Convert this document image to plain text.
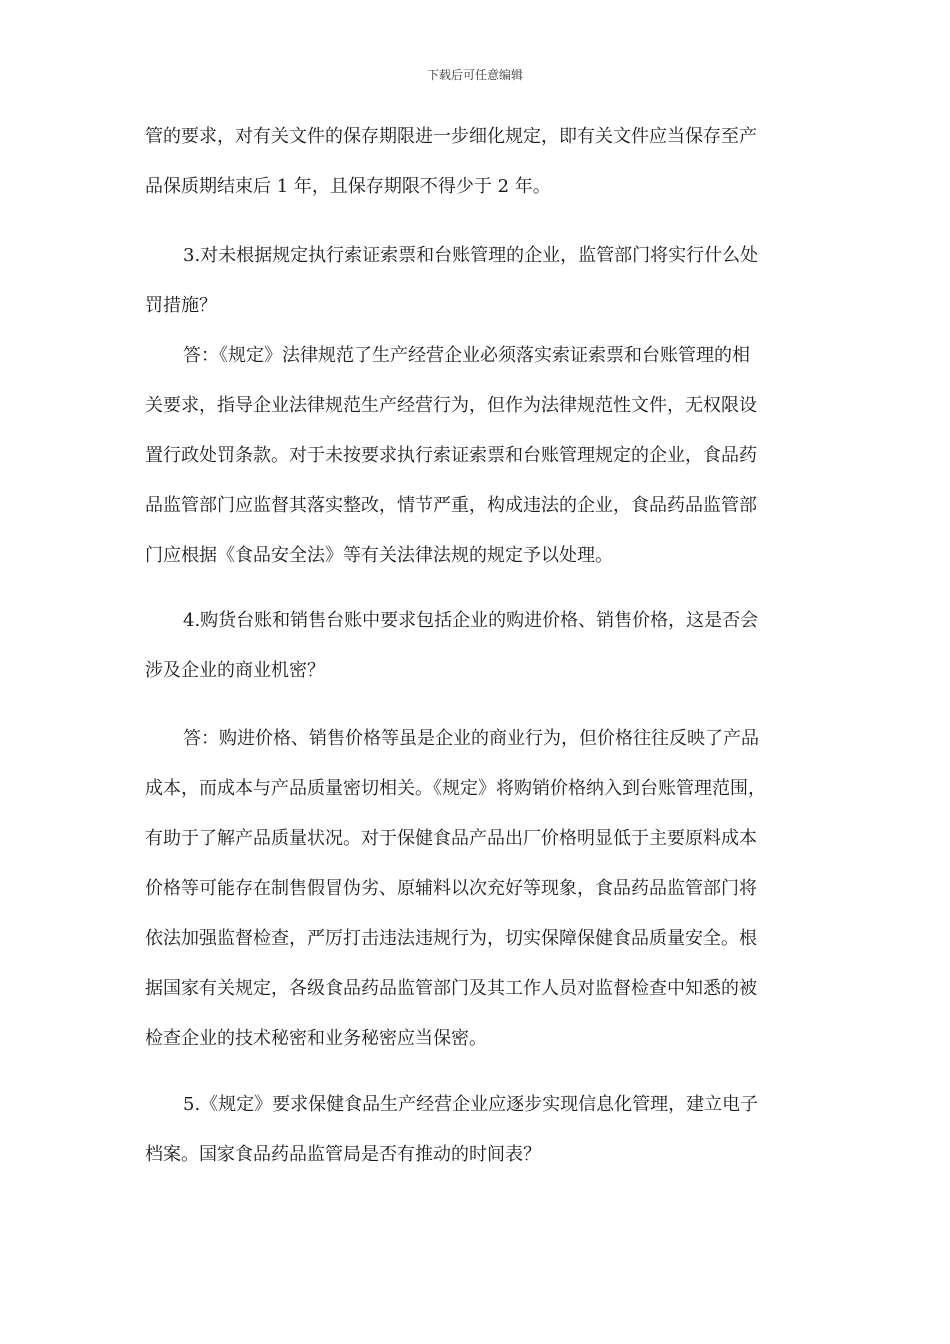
下载后可任意编辑
管的要求，对有关文件的保存期限进一步细化规定，即有关文件应当保存至产
品保质期结束后 1 年，且保存期限不得少于 2 年。
3.对未根据规定执行索证索票和台账管理的企业，监管部门将实行什么处
罚措施？
答：《规定》法律规范了生产经营企业必须落实索证索票和台账管理的相
关要求，指导企业法律规范生产经营行为，但作为法律规范性文件，无权限设
置行政处罚条款。对于未按要求执行索证索票和台账管理规定的企业，食品药
品监管部门应监督其落实整改，情节严重，构成违法的企业，食品药品监管部
门应根据《食品安全法》等有关法律法规的规定予以处理。
4.购货台账和销售台账中要求包括企业的购进价格、销售价格，这是否会
涉及企业的商业机密？
答：购进价格、销售价格等虽是企业的商业行为，但价格往往反映了产品
成本，而成本与产品质量密切相关。《规定》将购销价格纳入到台账管理范围，
有助于了解产品质量状况。对于保健食品产品出厂价格明显低于主要原料成本
价格等可能存在制售假冒伪劣、原辅料以次充好等现象，食品药品监管部门将
依法加强监督检查，严厉打击违法违规行为，切实保障保健食品质量安全。根
据国家有关规定，各级食品药品监管部门及其工作人员对监督检查中知悉的被
检查企业的技术秘密和业务秘密应当保密。
5.《规定》要求保健食品生产经营企业应逐步实现信息化管理，建立电子
档案。国家食品药品监管局是否有推动的时间表？
